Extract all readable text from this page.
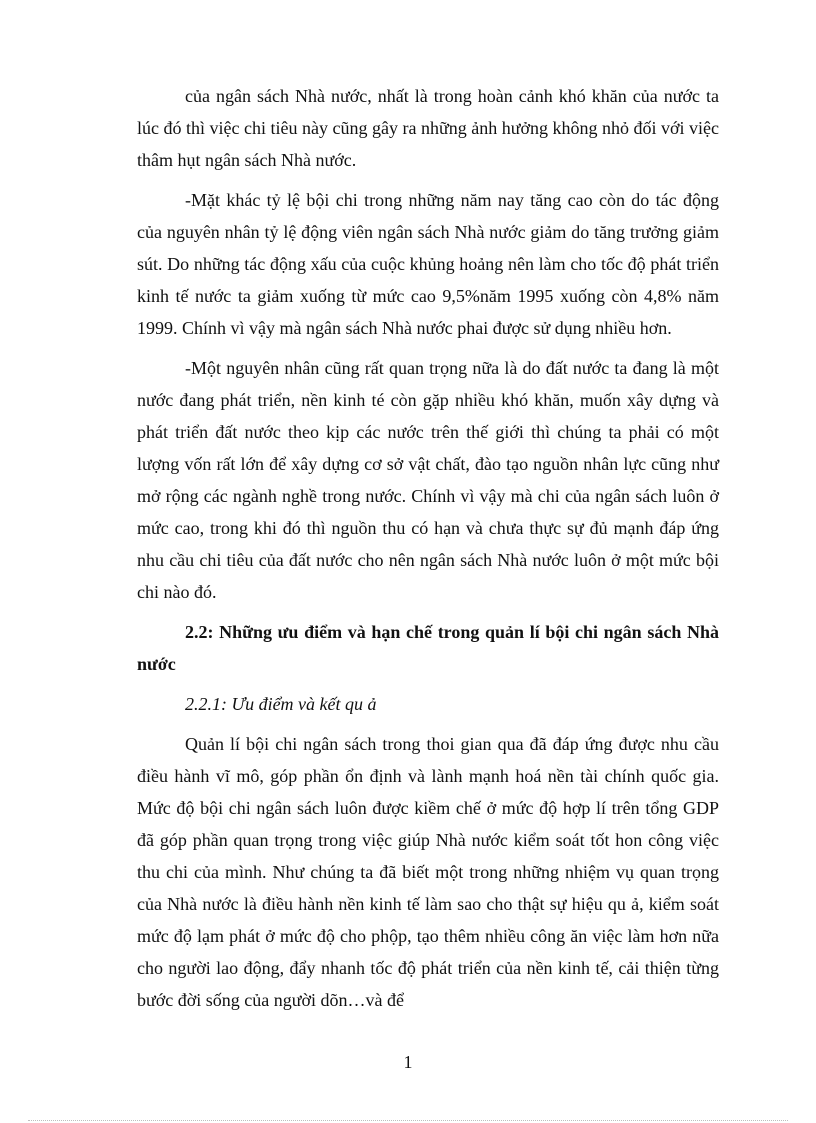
của ngân sách Nhà nước, nhất là trong hoàn cảnh khó khăn của nước ta lúc đó thì việc chi tiêu này cũng gây ra những ảnh hưởng không nhỏ đối với việc thâm hụt ngân sách Nhà nước.

-Mặt khác tỷ lệ bội chi trong những năm nay tăng cao còn do tác động của nguyên nhân tỷ lệ động viên ngân sách Nhà nước giảm do tăng trưởng giảm sút. Do những tác động xấu của cuộc khủng hoảng nên làm cho tốc độ phát triển kinh tế nước ta giảm xuống từ mức cao 9,5%năm 1995 xuống còn 4,8% năm 1999. Chính vì vậy mà ngân sách Nhà nước phai được sử dụng nhiều hơn.

-Một nguyên nhân cũng rất quan trọng nữa là do đất nước ta đang là một nước đang phát triển, nền kinh té còn gặp nhiều khó khăn, muốn xây dựng và phát triển đất nước theo kịp các nước trên thế giới thì chúng ta phải có một lượng vốn rất lớn để xây dựng cơ sở vật chất, đào tạo nguồn nhân lực cũng như mở rộng các ngành nghề trong nước. Chính vì vậy mà chi của ngân sách luôn ở mức cao, trong khi đó thì nguồn thu có hạn và chưa thực sự đủ mạnh đáp ứng nhu cầu chi tiêu của đất nước cho nên ngân sách Nhà nước luôn ở một mức bội chi nào đó.

2.2: Những ưu điểm và hạn chế trong quản lí bội chi ngân sách Nhà nước

2.2.1: Ưu điểm và kết qu ả

Quản lí bội chi ngân sách trong thoi gian qua đã đáp ứng được nhu cầu điều hành vĩ mô, góp phần ổn định và lành mạnh hoá nền tài chính quốc gia. Mức độ bội chi ngân sách luôn được kiềm chế ở mức độ hợp lí trên tổng GDP đã góp phần quan trọng trong việc giúp Nhà nước kiểm soát tốt hon công việc thu chi của mình. Như chúng ta đã biết một trong những nhiệm vụ quan trọng của Nhà nước là điều hành nền kinh tế làm sao cho thật sự hiệu qu ả, kiểm soát mức độ lạm phát ở mức độ cho phộp, tạo thêm nhiều công ăn việc làm hơn nữa cho người lao động, đẩy nhanh tốc độ phát triển của nền kinh tế, cải thiện từng bước đời sống của người dõn…và để

1
